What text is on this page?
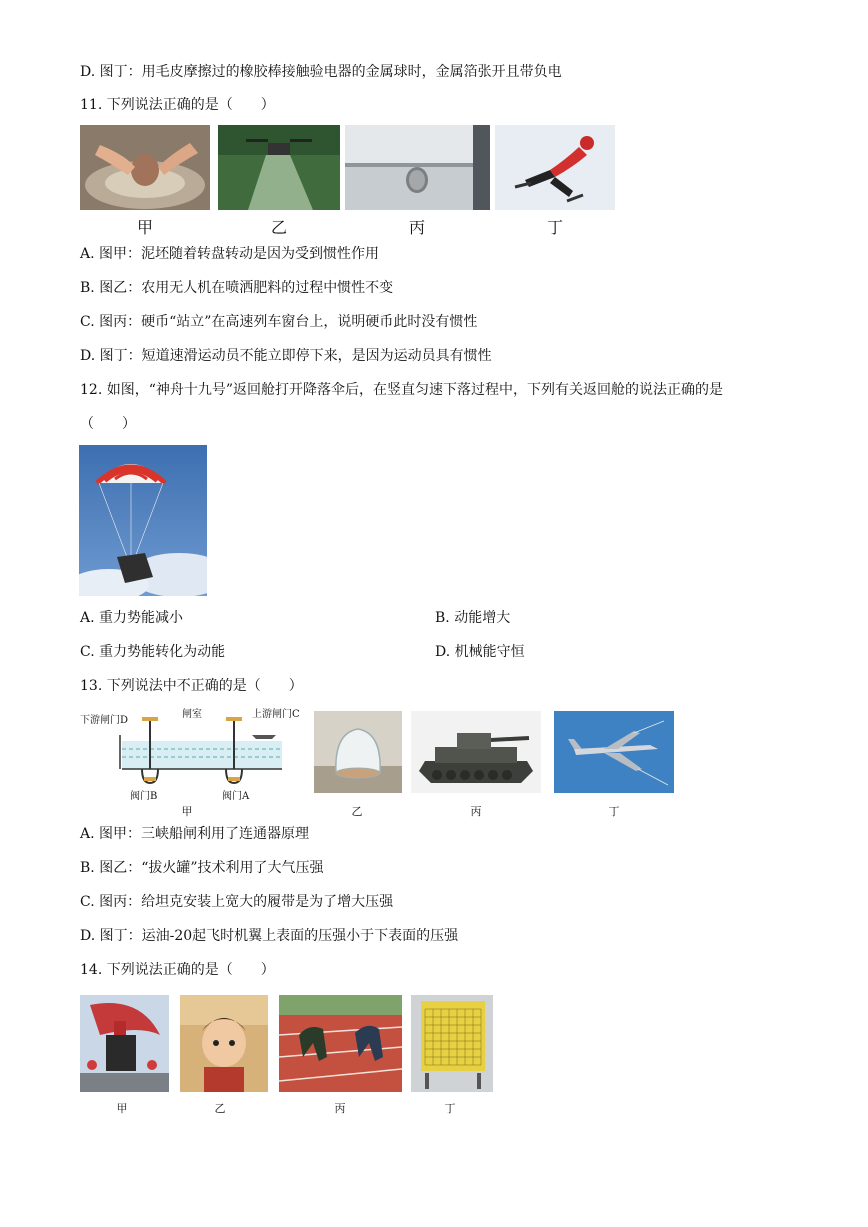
D. 图丁：用毛皮摩擦过的橡胶棒接触验电器的金属球时，金属箔张开且带负电
11. 下列说法正确的是（　　）
甲	乙	丙	丁
A. 图甲：泥坯随着转盘转动是因为受到惯性作用
B. 图乙：农用无人机在喷洒肥料的过程中惯性不变
C. 图丙：硬币“站立”在高速列车窗台上，说明硬币此时没有惯性
D. 图丁：短道速滑运动员不能立即停下来，是因为运动员具有惯性
12. 如图，“神舟十九号”返回舱打开降落伞后，在竖直匀速下落过程中，下列有关返回舱的说法正确的是
（　　）
A. 重力势能减小	B. 动能增大
C. 重力势能转化为动能	D. 机械能守恒
13. 下列说法中不正确的是（　　）
下游闸门D
闸室	上游闸门C
阀门B	阀门A
甲	乙	丙	丁
A. 图甲：三峡船闸利用了连通器原理
B. 图乙：“拔火罐”技术利用了大气压强
C. 图丙：给坦克安装上宽大的履带是为了增大压强
D. 图丁：运油-20起飞时机翼上表面的压强小于下表面的压强
14. 下列说法正确的是（　　）
甲	乙	丙	丁
